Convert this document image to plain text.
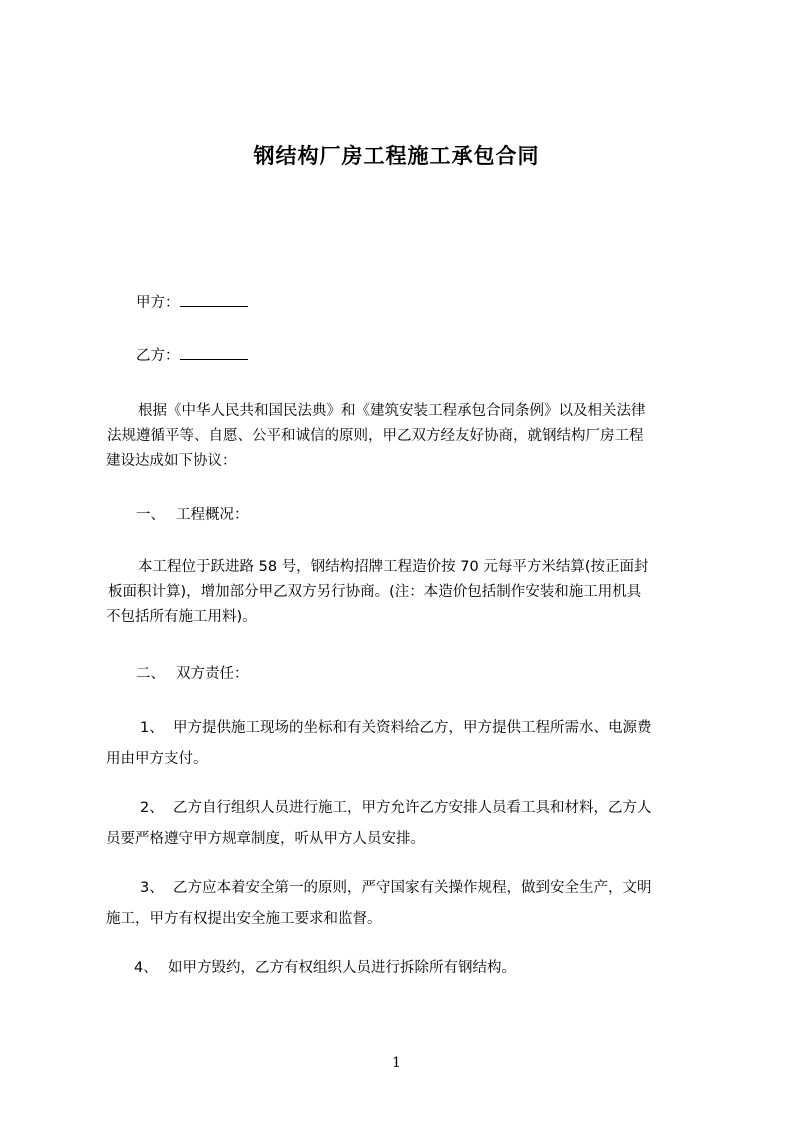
钢结构厂房工程施工承包合同
甲方：
乙方：
根据《中华人民共和国民法典》和《建筑安装工程承包合同条例》以及相关法律
法规遵循平等、自愿、公平和诚信的原则，甲乙双方经友好协商，就钢结构厂房工程
建设达成如下协议：
一、 工程概况：
本工程位于跃进路 58 号，钢结构招牌工程造价按 70 元每平方米结算(按正面封
板面积计算)，增加部分甲乙双方另行协商。(注：本造价包括制作安装和施工用机具
不包括所有施工用料)。
二、 双方责任：
1、 甲方提供施工现场的坐标和有关资料给乙方，甲方提供工程所需水、电源费
用由甲方支付。
2、 乙方自行组织人员进行施工，甲方允许乙方安排人员看工具和材料，乙方人
员要严格遵守甲方规章制度，听从甲方人员安排。
3、 乙方应本着安全第一的原则，严守国家有关操作规程，做到安全生产，文明
施工，甲方有权提出安全施工要求和监督。
4、 如甲方毁约，乙方有权组织人员进行拆除所有钢结构。
1
